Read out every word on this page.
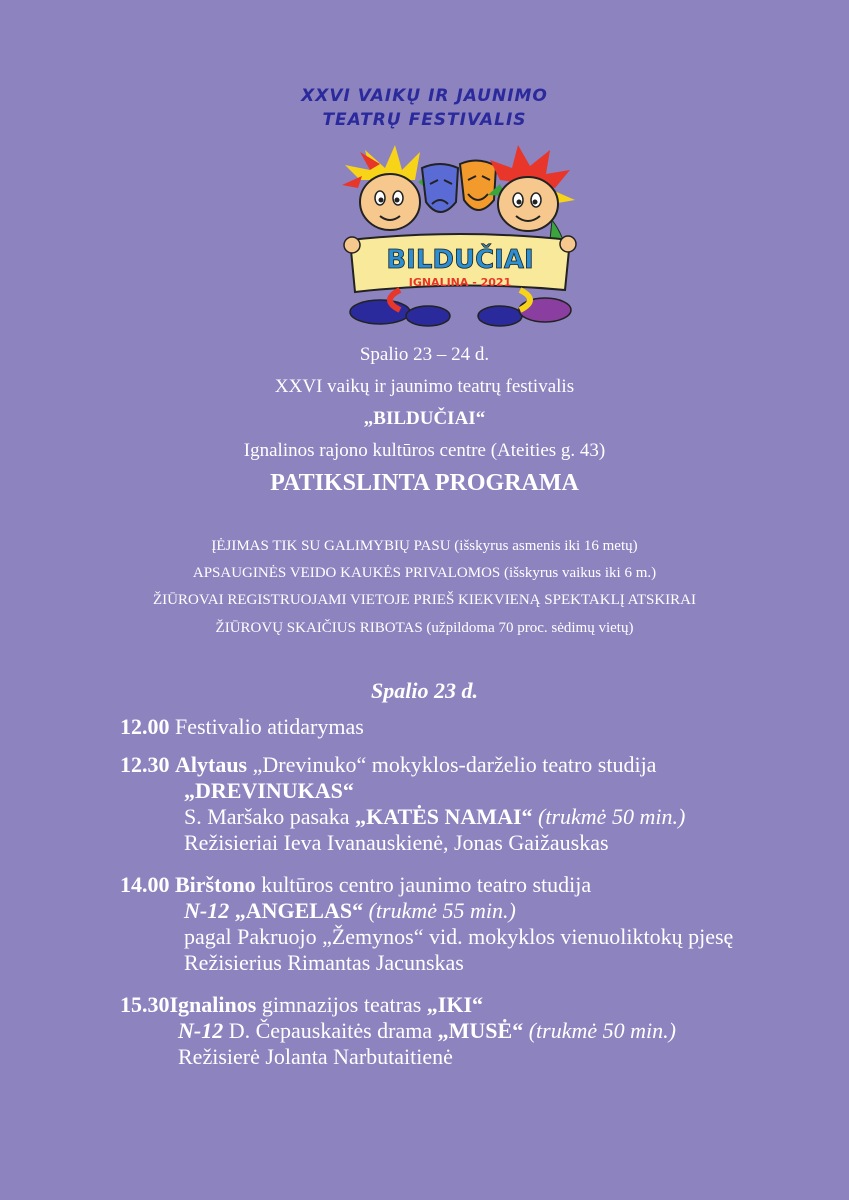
XXVI VAIKŲ IR JAUNIMO
TEATRŲ FESTIVALIS
BILDUČIAI
IGNALINA - 2021
Spalio 23 – 24 d.
XXVI vaikų ir jaunimo teatrų festivalis
„BILDUČIAI“
Ignalinos rajono kultūros centre (Ateities g. 43)
PATIKSLINTA PROGRAMA
ĮĖJIMAS TIK SU GALIMYBIŲ PASU (išskyrus asmenis iki 16 metų)
APSAUGINĖS VEIDO KAUKĖS PRIVALOMOS (išskyrus vaikus iki 6 m.)
ŽIŪROVAI REGISTRUOJAMI VIETOJE PRIEŠ KIEKVIENĄ SPEKTAKLĮ ATSKIRAI
ŽIŪROVŲ SKAIČIUS RIBOTAS (užpildoma 70 proc. sėdimų vietų)
Spalio 23 d.
12.00 Festivalio atidarymas
12.30 Alytaus „Drevinuko“ mokyklos-darželio teatro studija
„DREVINUKAS“
S. Maršako pasaka „KATĖS NAMAI“ (trukmė 50 min.)
Režisieriai Ieva Ivanauskienė, Jonas Gaižauskas
14.00 Birštono kultūros centro jaunimo teatro studija
N-12 „ANGELAS“ (trukmė 55 min.)
pagal Pakruojo „Žemynos“ vid. mokyklos vienuoliktokų pjesę
Režisierius Rimantas Jacunskas
15.30Ignalinos gimnazijos teatras „IKI“
N-12 D. Čepauskaitės drama „MUSĖ“ (trukmė 50 min.)
Režisierė Jolanta Narbutaitienė
